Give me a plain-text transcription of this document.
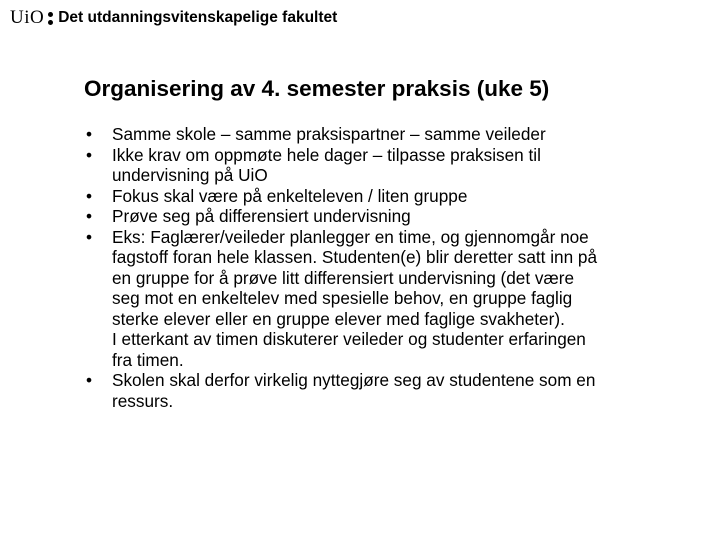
UiO Det utdanningsvitenskapelige fakultet
Organisering av 4. semester praksis (uke 5)
• Samme skole – samme praksispartner – samme veileder
• Ikke krav om oppmøte hele dager – tilpasse praksisen til
undervisning på UiO
• Fokus skal være på enkelteleven / liten gruppe
• Prøve seg på differensiert undervisning
• Eks: Faglærer/veileder planlegger en time, og gjennomgår noe
fagstoff foran hele klassen. Studenten(e) blir deretter satt inn på
en gruppe for å prøve litt differensiert undervisning (det være
seg mot en enkeltelev med spesielle behov, en gruppe faglig
sterke elever eller en gruppe elever med faglige svakheter).
I etterkant av timen diskuterer veileder og studenter erfaringen
fra timen.
• Skolen skal derfor virkelig nyttegjøre seg av studentene som en
ressurs.
